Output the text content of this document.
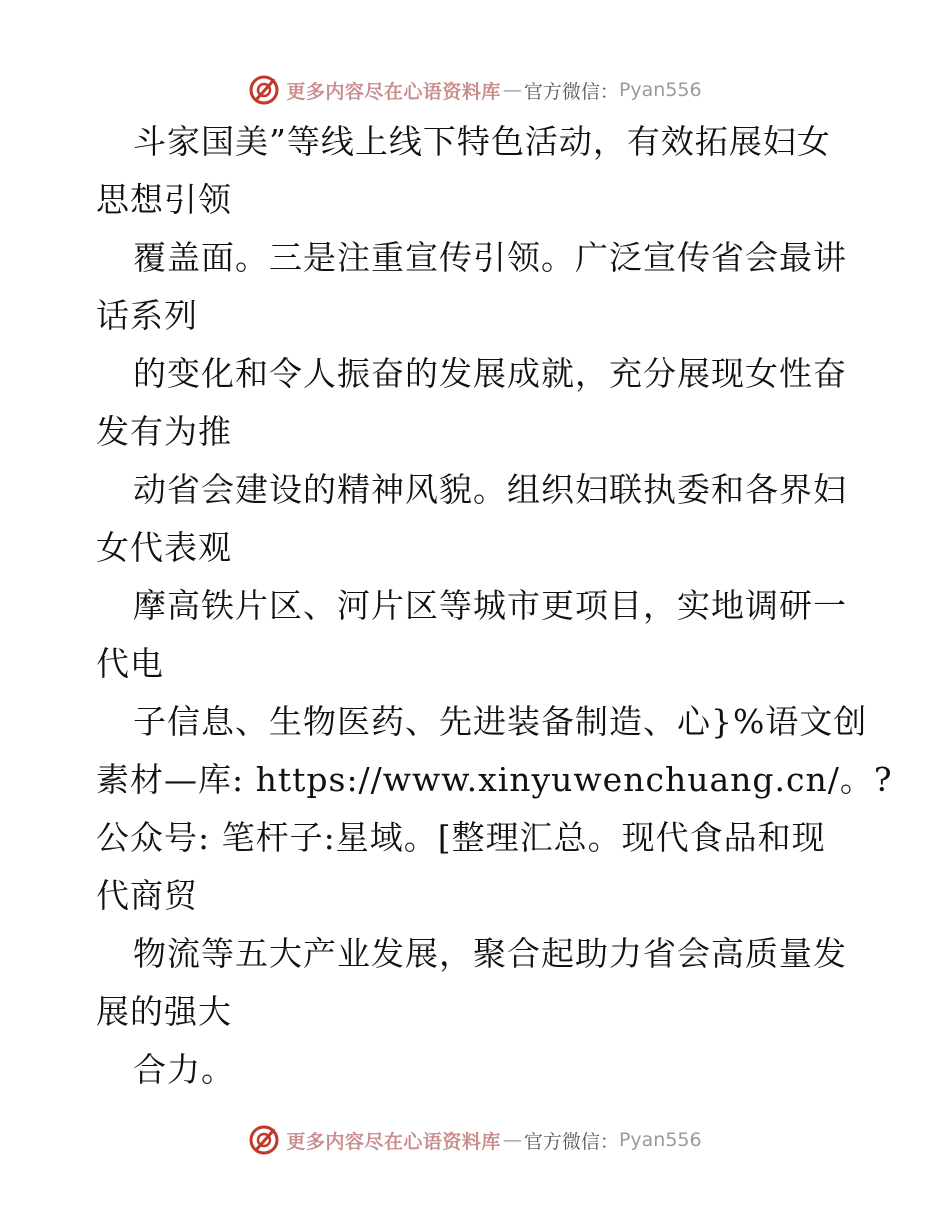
更多内容尽在心语资料库 — 官方微信： Pyan556
斗家国美”等线上线下特色活动，有效拓展妇女
思想引领
覆盖面。三是注重宣传引领。广泛宣传省会最讲
话系列
的变化和令人振奋的发展成就，充分展现女性奋
发有为推
动省会建设的精神风貌。组织妇联执委和各界妇
女代表观
摩高铁片区、河片区等城市更项目，实地调研一
代电
子信息、生物医药、先进装备制造、心}%语文创
素材—库: https://www.xinyuwenchuang.cn/。?
公众号: 笔杆子:星域。[整理汇总。现代食品和现
代商贸
物流等五大产业发展，聚合起助力省会高质量发
展的强大
合力。
更多内容尽在心语资料库 — 官方微信： Pyan556
